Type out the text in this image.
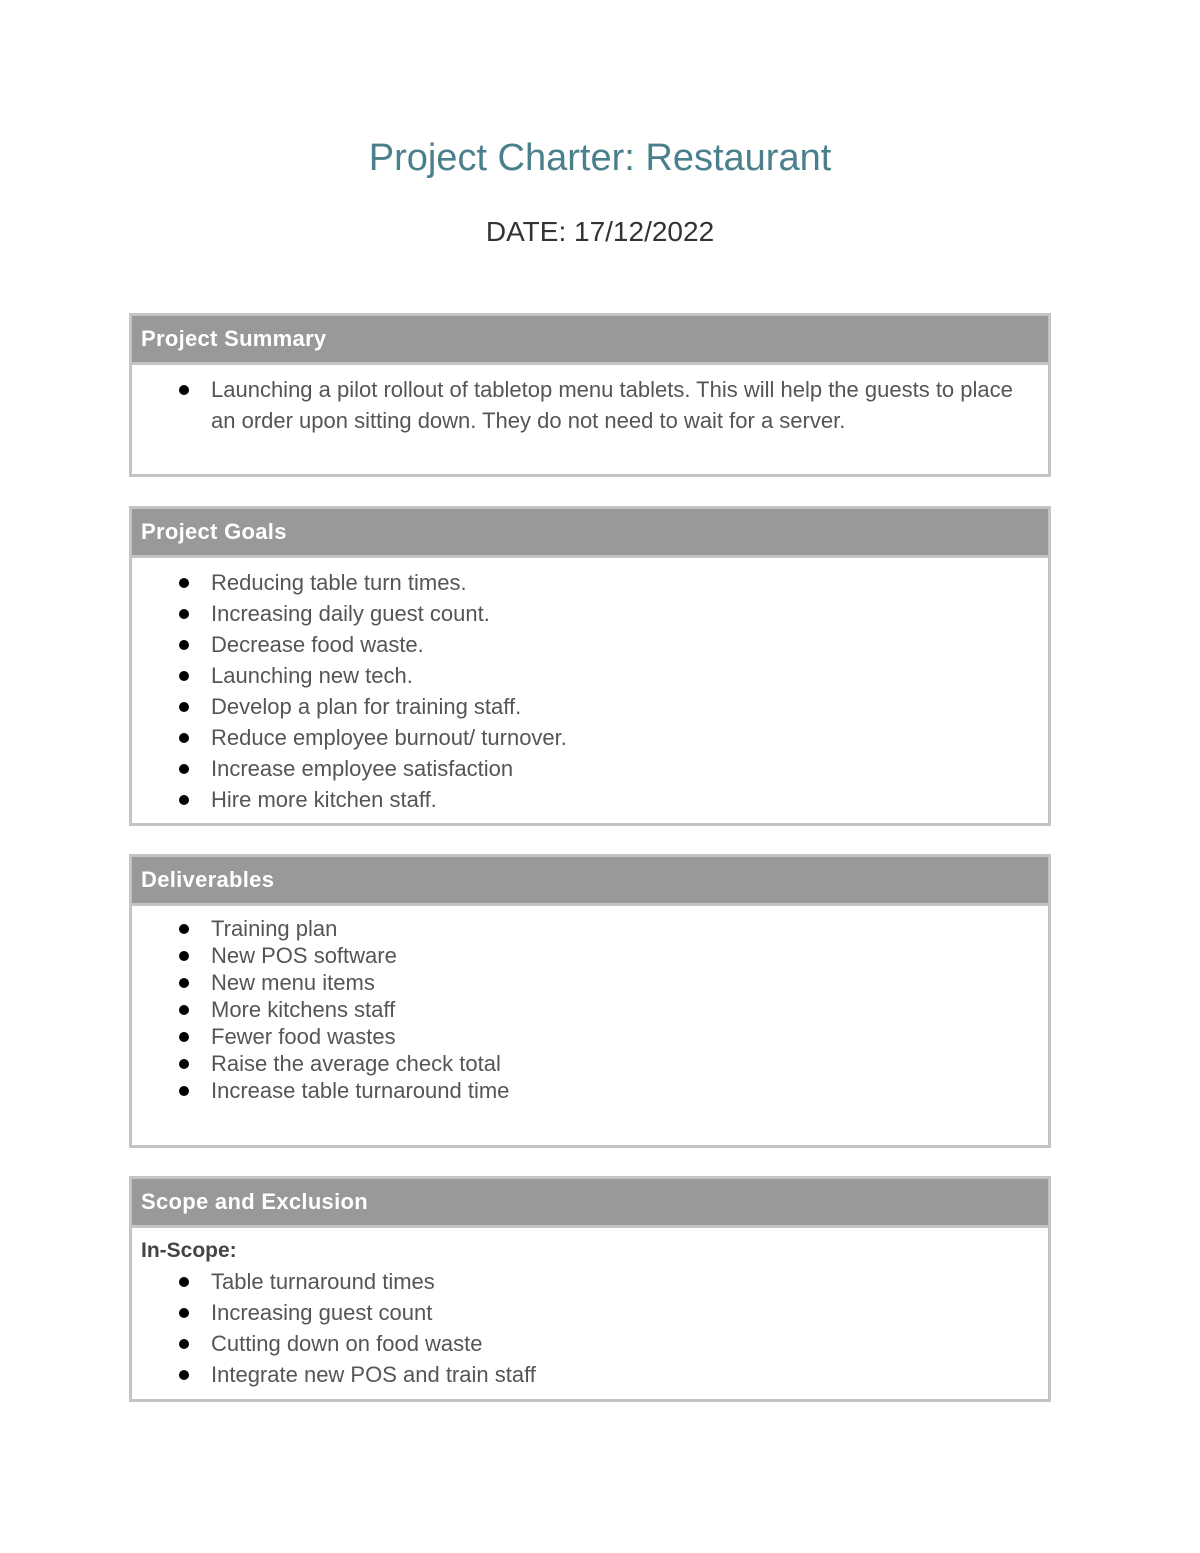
Project Charter: Restaurant
DATE: 17/12/2022
Project Summary
Launching a pilot rollout of tabletop menu tablets. This will help the guests to place an order upon sitting down. They do not need to wait for a server.
Project Goals
Reducing table turn times.
Increasing daily guest count.
Decrease food waste.
Launching new tech.
Develop a plan for training staff.
Reduce employee burnout/ turnover.
Increase employee satisfaction
Hire more kitchen staff.
Deliverables
Training plan
New POS software
New menu items
More kitchens staff
Fewer food wastes
Raise the average check total
Increase table turnaround time
Scope and Exclusion
In-Scope:
Table turnaround times
Increasing guest count
Cutting down on food waste
Integrate new POS and train staff
